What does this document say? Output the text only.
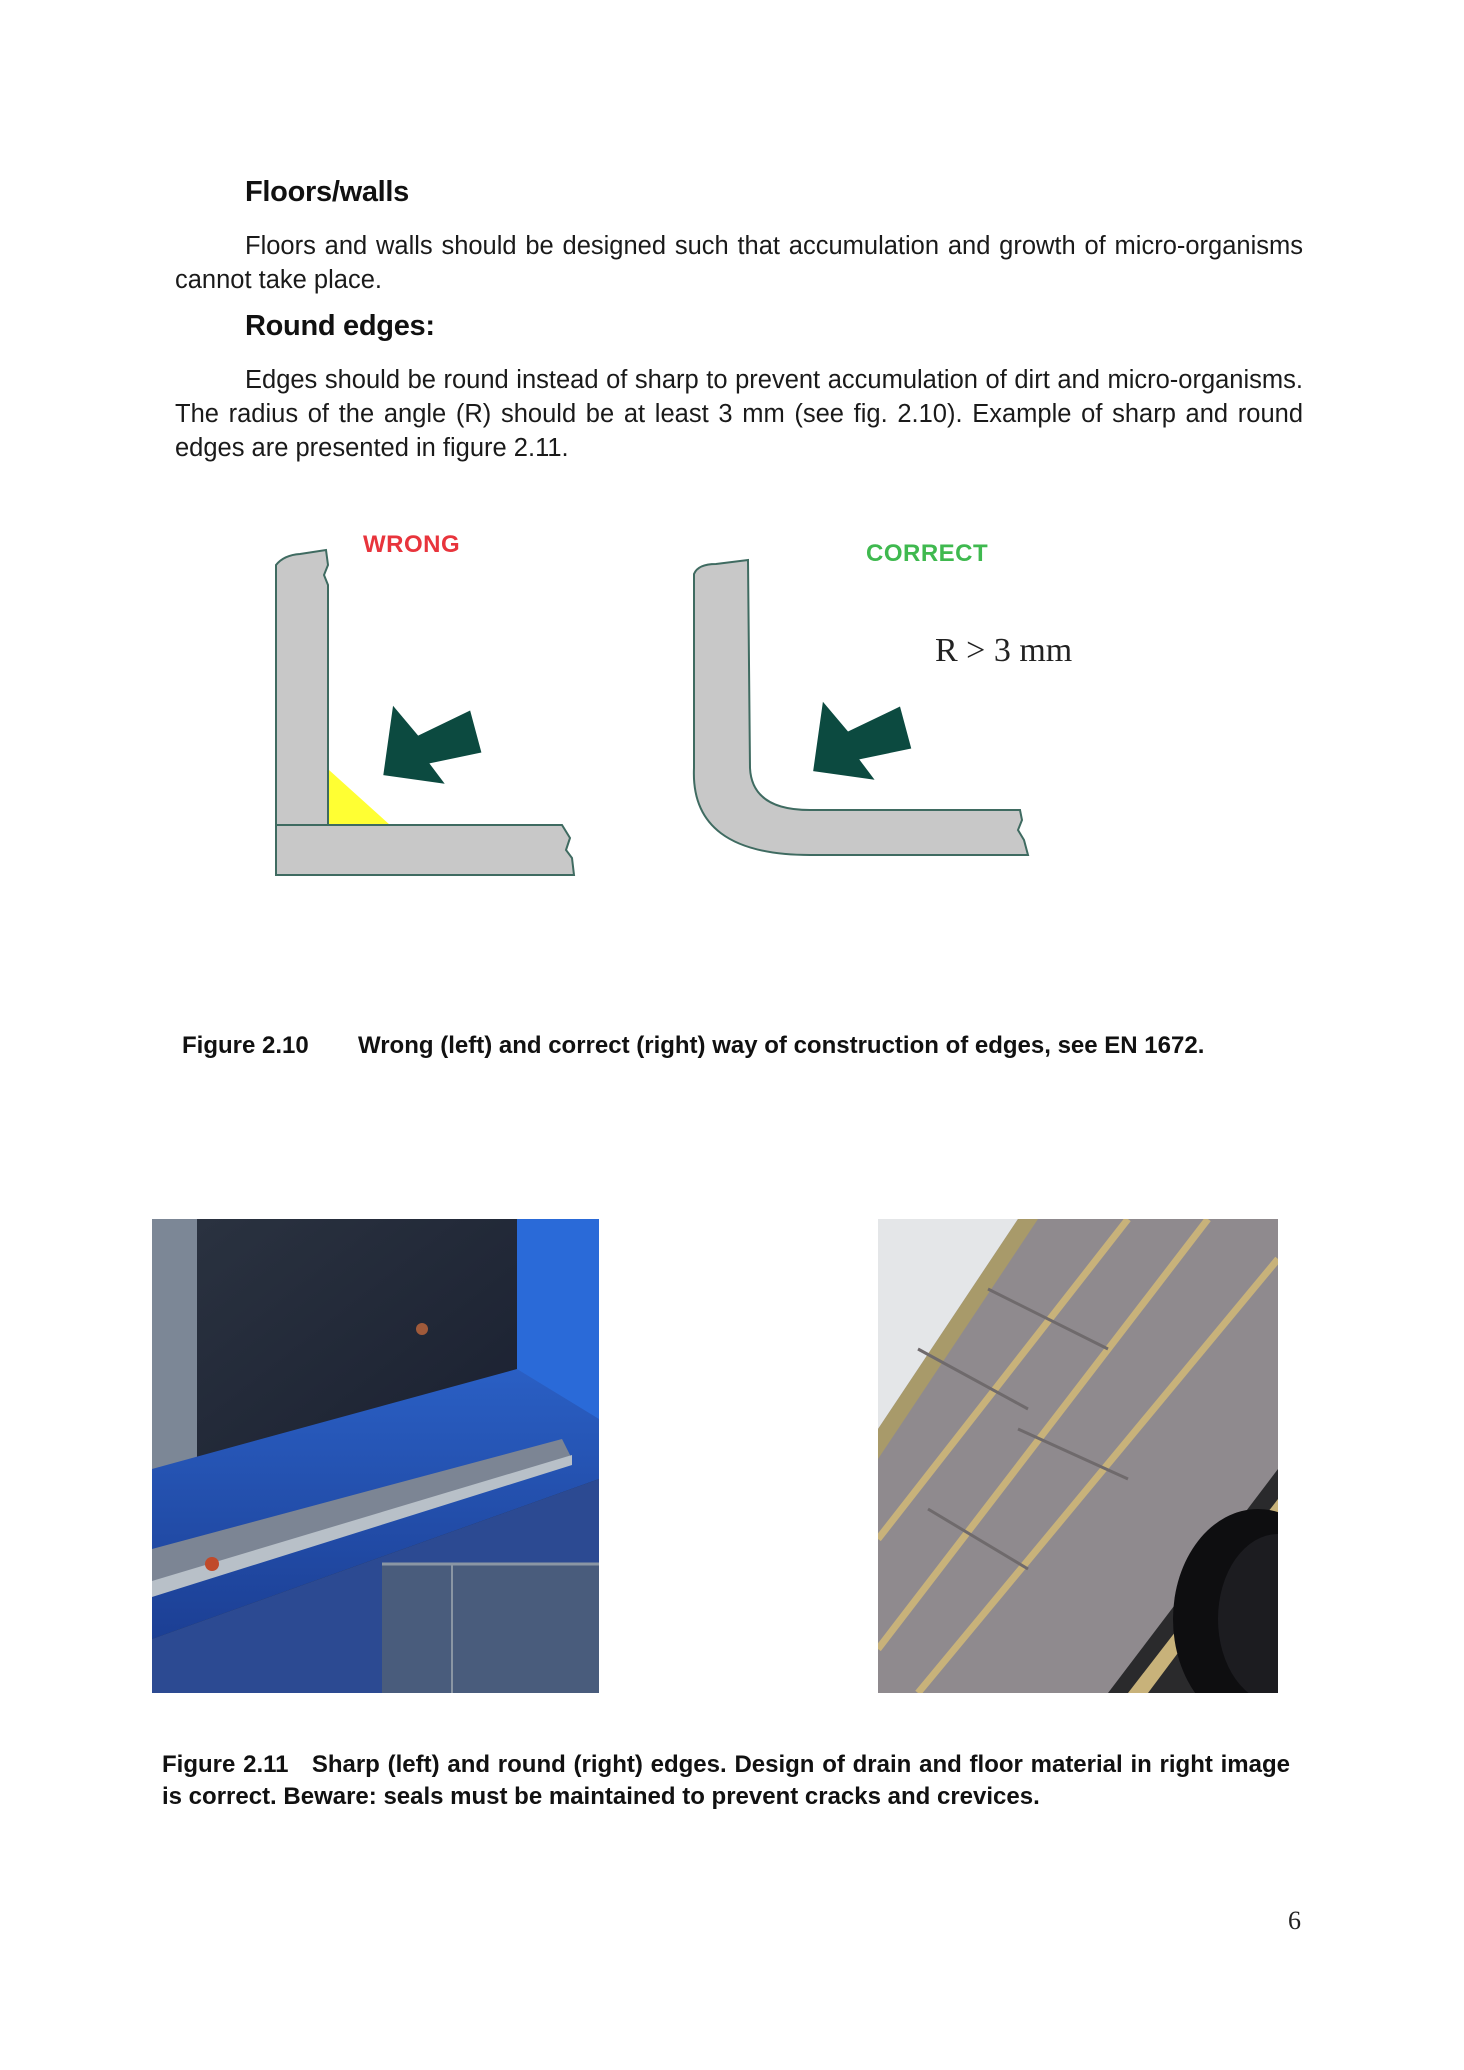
Floors/walls

Floors and walls should be designed such that accumulation and growth of micro-organisms cannot take place.

Round edges:

Edges should be round instead of sharp to prevent accumulation of dirt and micro-organisms. The radius of the angle (R) should be at least 3 mm (see fig. 2.10). Example of sharp and round edges are presented in figure 2.11.

WRONG	CORRECT
R > 3 mm
Figure 2.10 Wrong (left) and correct (right) way of construction of edges, see EN 1672.
Figure 2.11 Sharp (left) and round (right) edges. Design of drain and floor material in right image is correct. Beware: seals must be maintained to prevent cracks and crevices.
6
